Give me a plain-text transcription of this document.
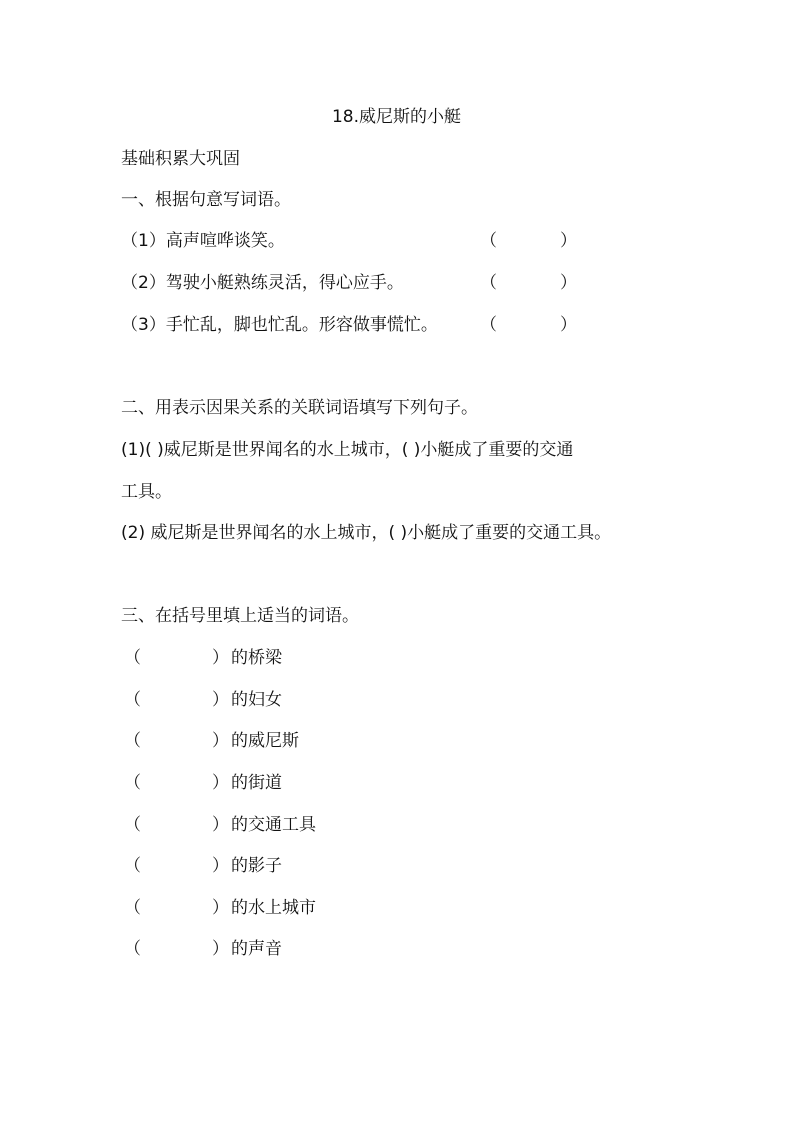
18.威尼斯的小艇
基础积累大巩固
一、根据句意写词语。
（1）高声喧哗谈笑。	（	）
（2）驾驶小艇熟练灵活，得心应手。	（	）
（3）手忙乱，脚也忙乱。形容做事慌忙。 （	）
二、用表示因果关系的关联词语填写下列句子。
(1)( )威尼斯是世界闻名的水上城市，( )小艇成了重要的交通
工具。
(2) 威尼斯是世界闻名的水上城市，( )小艇成了重要的交通工具。
三、在括号里填上适当的词语。
（	） 的桥梁
（	） 的妇女
（	） 的威尼斯
（	） 的街道
（	） 的交通工具
（	） 的影子
（	） 的水上城市
（	） 的声音
